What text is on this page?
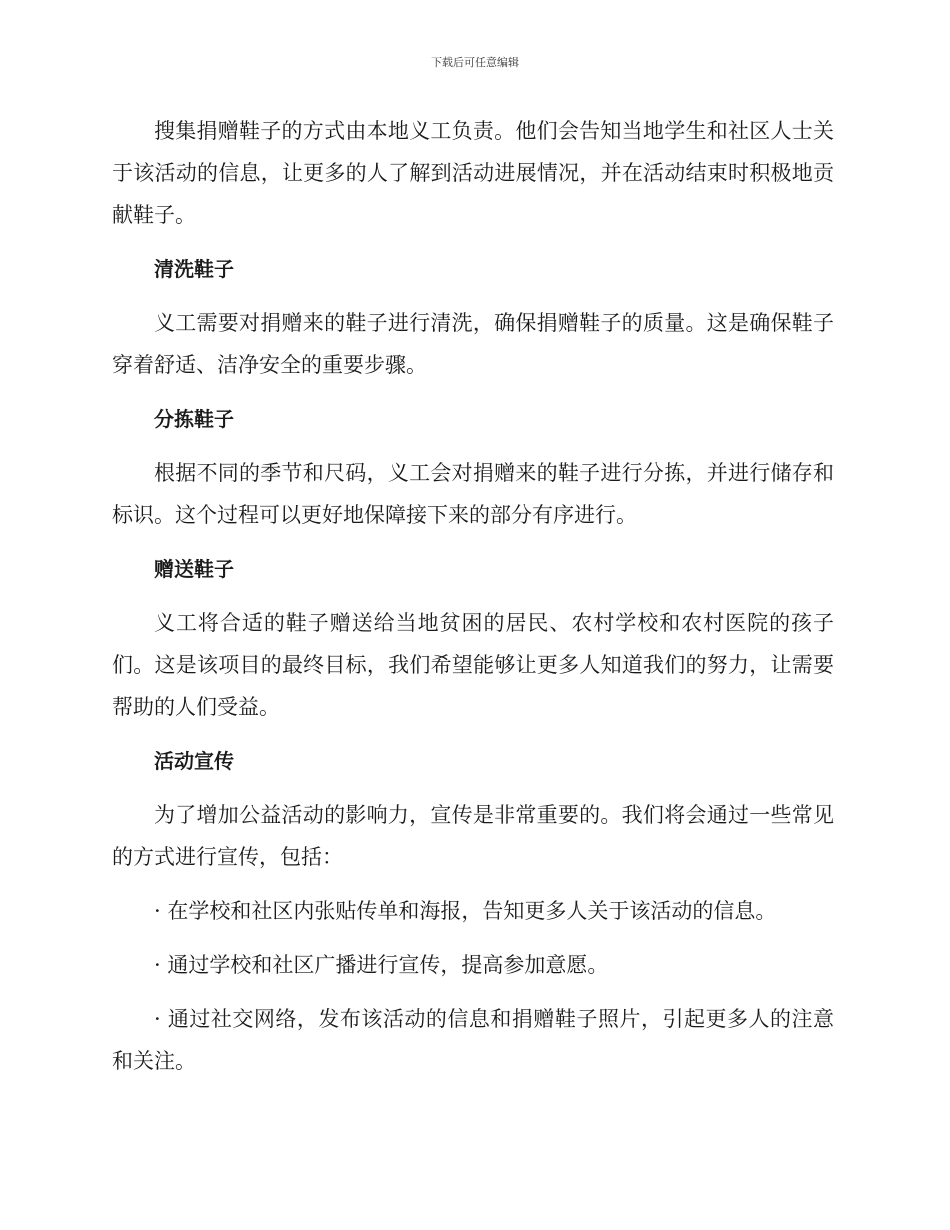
下载后可任意编辑

搜集捐赠鞋子的方式由本地义工负责。他们会告知当地学生和社区人士关于该活动的信息，让更多的人了解到活动进展情况，并在活动结束时积极地贡献鞋子。

清洗鞋子

义工需要对捐赠来的鞋子进行清洗，确保捐赠鞋子的质量。这是确保鞋子穿着舒适、洁净安全的重要步骤。

分拣鞋子

根据不同的季节和尺码，义工会对捐赠来的鞋子进行分拣，并进行储存和标识。这个过程可以更好地保障接下来的部分有序进行。

赠送鞋子

义工将合适的鞋子赠送给当地贫困的居民、农村学校和农村医院的孩子们。这是该项目的最终目标，我们希望能够让更多人知道我们的努力，让需要帮助的人们受益。

活动宣传

为了增加公益活动的影响力，宣传是非常重要的。我们将会通过一些常见的方式进行宣传，包括：

· 在学校和社区内张贴传单和海报，告知更多人关于该活动的信息。

· 通过学校和社区广播进行宣传，提高参加意愿。

· 通过社交网络，发布该活动的信息和捐赠鞋子照片，引起更多人的注意和关注。
